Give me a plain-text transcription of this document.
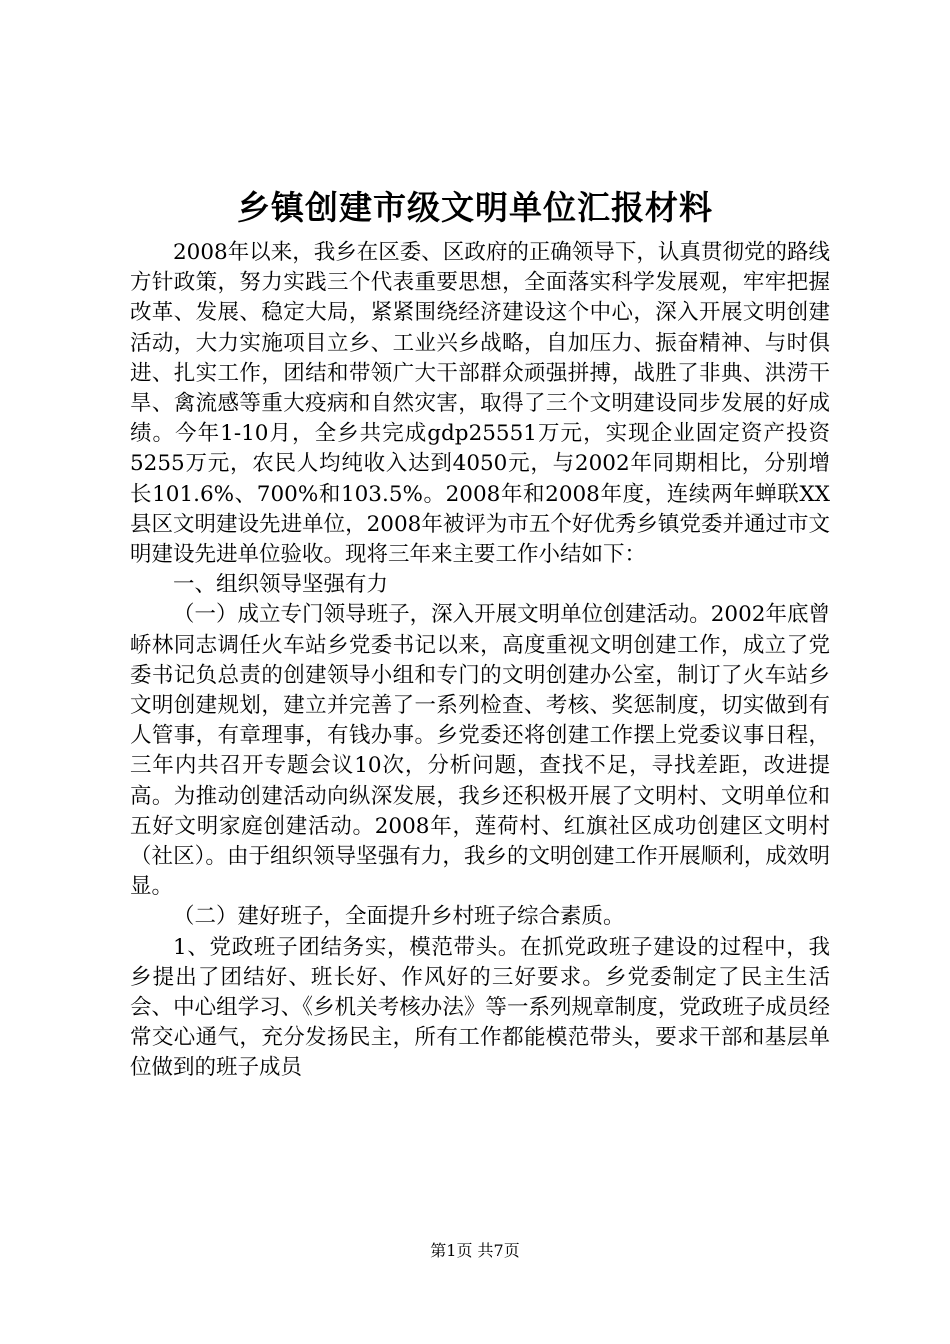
乡镇创建市级文明单位汇报材料

2008年以来，我乡在区委、区政府的正确领导下，认真贯彻党的路线方针政策，努力实践三个代表重要思想，全面落实科学发展观，牢牢把握改革、发展、稳定大局，紧紧围绕经济建设这个中心，深入开展文明创建活动，大力实施项目立乡、工业兴乡战略，自加压力、振奋精神、与时俱进、扎实工作，团结和带领广大干部群众顽强拼搏，战胜了非典、洪涝干旱、禽流感等重大疫病和自然灾害，取得了三个文明建设同步发展的好成绩。今年1-10月，全乡共完成gdp25551万元，实现企业固定资产投资5255万元，农民人均纯收入达到4050元，与2002年同期相比，分别增长101.6%、700%和103.5%。2008年和2008年度，连续两年蝉联XX县区文明建设先进单位，2008年被评为市五个好优秀乡镇党委并通过市文明建设先进单位验收。现将三年来主要工作小结如下：

一、组织领导坚强有力

（一）成立专门领导班子，深入开展文明单位创建活动。2002年底曾峤林同志调任火车站乡党委书记以来，高度重视文明创建工作，成立了党委书记负总责的创建领导小组和专门的文明创建办公室，制订了火车站乡文明创建规划，建立并完善了一系列检查、考核、奖惩制度，切实做到有人管事，有章理事，有钱办事。乡党委还将创建工作摆上党委议事日程，三年内共召开专题会议10次，分析问题，查找不足，寻找差距，改进提高。为推动创建活动向纵深发展，我乡还积极开展了文明村、文明单位和五好文明家庭创建活动。2008年，莲荷村、红旗社区成功创建区文明村（社区）。由于组织领导坚强有力，我乡的文明创建工作开展顺利，成效明显。

（二）建好班子，全面提升乡村班子综合素质。

1、党政班子团结务实，模范带头。在抓党政班子建设的过程中，我乡提出了团结好、班长好、作风好的三好要求。乡党委制定了民主生活会、中心组学习、《乡机关考核办法》等一系列规章制度，党政班子成员经常交心通气，充分发扬民主，所有工作都能模范带头，要求干部和基层单位做到的班子成员

第1页 共7页
